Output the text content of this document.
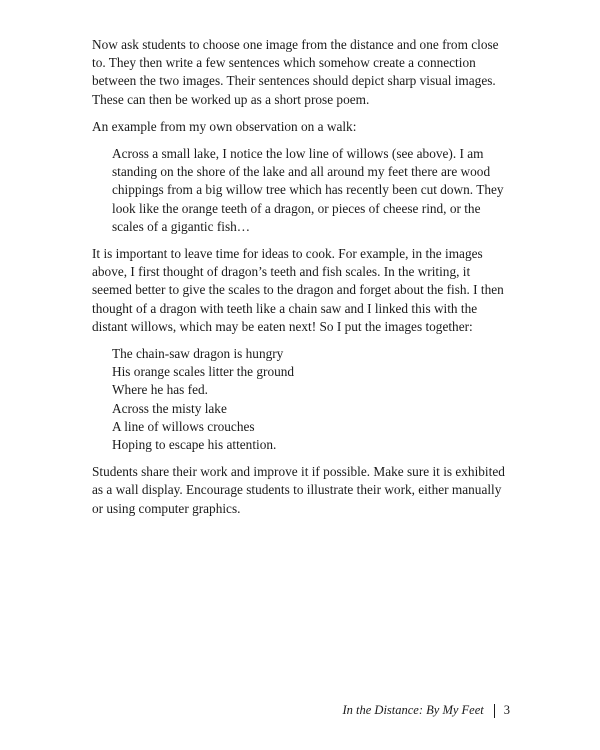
Now ask students to choose one image from the distance and one from close to. They then write a few sentences which somehow create a connection between the two images. Their sentences should depict sharp visual images. These can then be worked up as a short prose poem.

An example from my own observation on a walk:

Across a small lake, I notice the low line of willows (see above). I am standing on the shore of the lake and all around my feet there are wood chippings from a big willow tree which has recently been cut down. They look like the orange teeth of a dragon, or pieces of cheese rind, or the scales of a gigantic fish…

It is important to leave time for ideas to cook. For example, in the images above, I first thought of dragon’s teeth and fish scales. In the writing, it seemed better to give the scales to the dragon and forget about the fish. I then thought of a dragon with teeth like a chain saw and I linked this with the distant willows, which may be eaten next! So I put the images together:

The chain-saw dragon is hungry
His orange scales litter the ground
Where he has fed.
Across the misty lake
A line of willows crouches
Hoping to escape his attention.

Students share their work and improve it if possible. Make sure it is exhibited as a wall display. Encourage students to illustrate their work, either manually or using computer graphics.

In the Distance: By My Feet 3
